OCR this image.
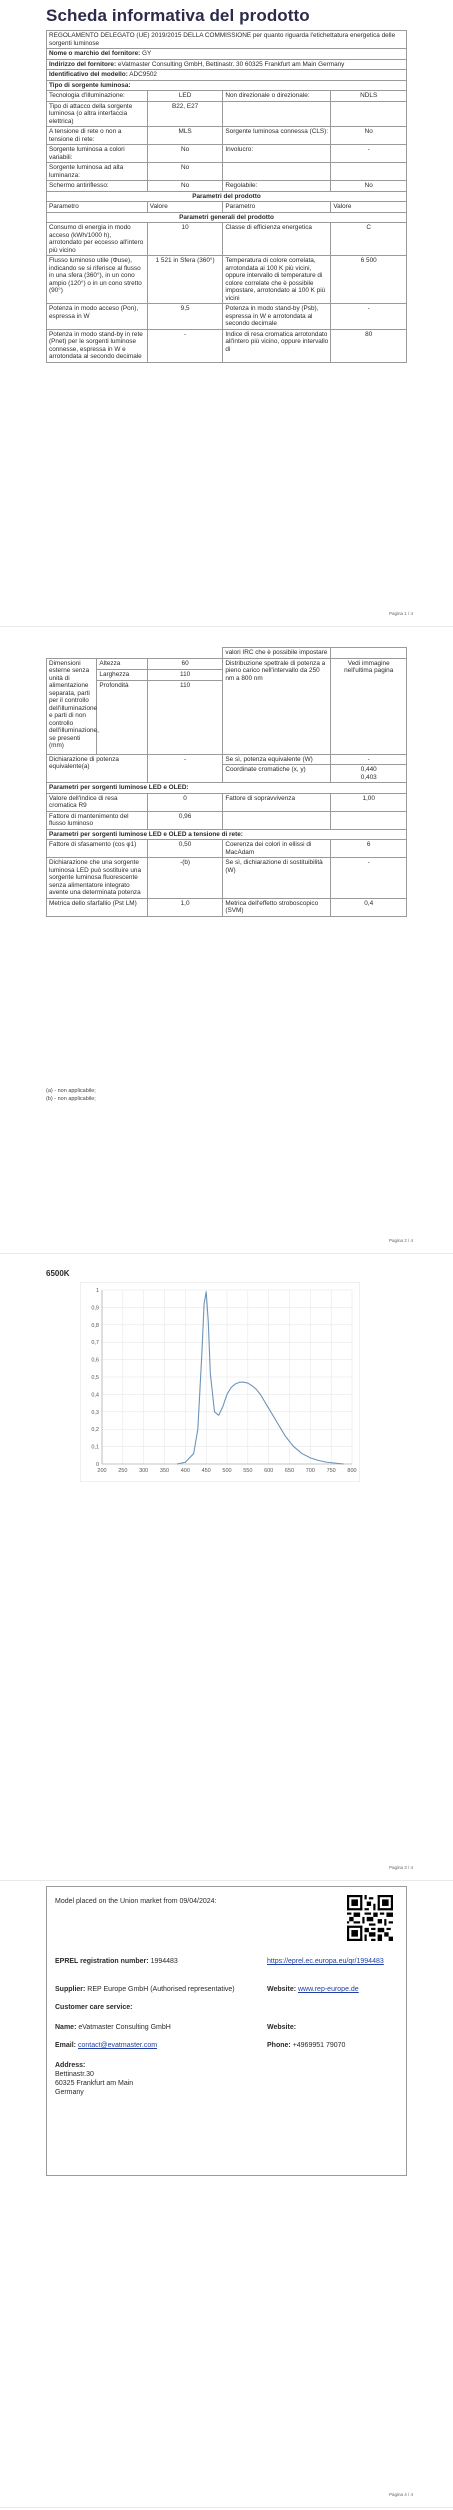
Scheda informativa del prodotto
REGOLAMENTO DELEGATO (UE) 2019/2015 DELLA COMMISSIONE per quanto riguarda l'etichettatura energetica delle sorgenti luminose			
Nome o marchio del fornitore: GY			
Indirizzo del fornitore: eVatmaster Consulting GmbH, Bettinastr. 30 60325 Frankfurt am Main Germany			
Identificativo del modello: ADC9502			
Tipo di sorgente luminosa:			
Tecnologia d'illuminazione:	LED	Non direzionale o direzionale:	NDLS
Tipo di attacco della sorgente luminosa (o altra interfaccia elettrica)	B22, E27		
A tensione di rete o non a tensione di rete:	MLS	Sorgente luminosa connessa (CLS):	No
Sorgente luminosa a colori variabili:	No	Involucro:	-
Sorgente luminosa ad alta luminanza:	No		
Schermo antiriflesso:	No	Regolabile:	No
Parametri del prodotto			
Parametro	Valore	Parametro	Valore
Parametri generali del prodotto			
Consumo di energia in modo acceso (kWh/1000 h), arrotondato per eccesso all'intero più vicino	10	Classe di efficienza energetica	C
Flusso luminoso utile (Φuse), indicando se si riferisce al flusso in una sfera (360°), in un cono ampio (120°) o in un cono stretto (90°)	1 521 in Sfera (360°)	Temperatura di colore correlata, arrotondata ai 100 K più vicini, oppure intervallo di temperature di colore correlate che è possibile impostare, arrotondato ai 100 K più vicini	6 500
Potenza in modo acceso (Pon), espressa in W	9,5	Potenza in modo stand-by (Psb), espressa in W e arrotondata al secondo decimale	-
Potenza in modo stand-by in rete (Pnet) per le sorgenti luminose connesse, espressa in W e arrotondata al secondo decimale	-	Indice di resa cromatica arrotondato all'intero più vicino, oppure intervallo di	80
Pagina 1 / 4
			valori IRC che è possibile impostare	
Dimensioni esterne senza unità di alimentazione separata, parti per il controllo dell'illuminazione e parti di non controllo dell'illuminazione, se presenti (mm)	Altezza	60	Distribuzione spettrale di potenza a pieno carico nell'intervallo da 250 nm a 800 nm	Vedi immagine nell'ultima pagina
	Larghezza	110		
	Profondità	110		
Dichiarazione di potenza equivalente(a)		-	Se sì, potenza equivalente (W)	-
			Coordinate cromatiche (x, y)	0,440
0,403

Parametri per sorgenti luminose LED e OLED:				
Valore dell'indice di resa cromatica R9		0	Fattore di sopravvivenza	1,00
Fattore di mantenimento del flusso luminoso		0,96		
Parametri per sorgenti luminose LED e OLED a tensione di rete:				
Fattore di sfasamento (cos φ1)		0,50	Coerenza dei colori in ellissi di MacAdam	6
Dichiarazione che una sorgente luminosa LED può sostituire una sorgente luminosa fluorescente senza alimentatore integrato avente una determinata potenza		-(b)	Se sì, dichiarazione di sostituibilità (W)	-
Metrica dello sfarfallio (Pst LM)		1,0	Metrica dell'effetto stroboscopico (SVM)	0,4
(a) - non applicabile;
(b) - non applicabile;
Pagina 2 / 4
6500K
0
0,1
0,2
0,3
0,4
0,5
0,6
0,7
0,8
0,9
1
200 250 300 350 400 450 500 550 600 650 700 750 800
Pagina 3 / 4
Model placed on the Union market from 09/04/2024:
EPREL registration number: 1994483	https://eprel.ec.europa.eu/qr/1994483
Supplier: REP Europe GmbH (Authorised representative)	Website: www.rep-europe.de
Customer care service:
Name: eVatmaster Consulting GmbH	Website:
Email: contact@evatmaster.com	Phone: +4969951 79070
Address:
Bettinastr.30
60325 Frankfurt am Main
Germany
Pagina 4 / 4
